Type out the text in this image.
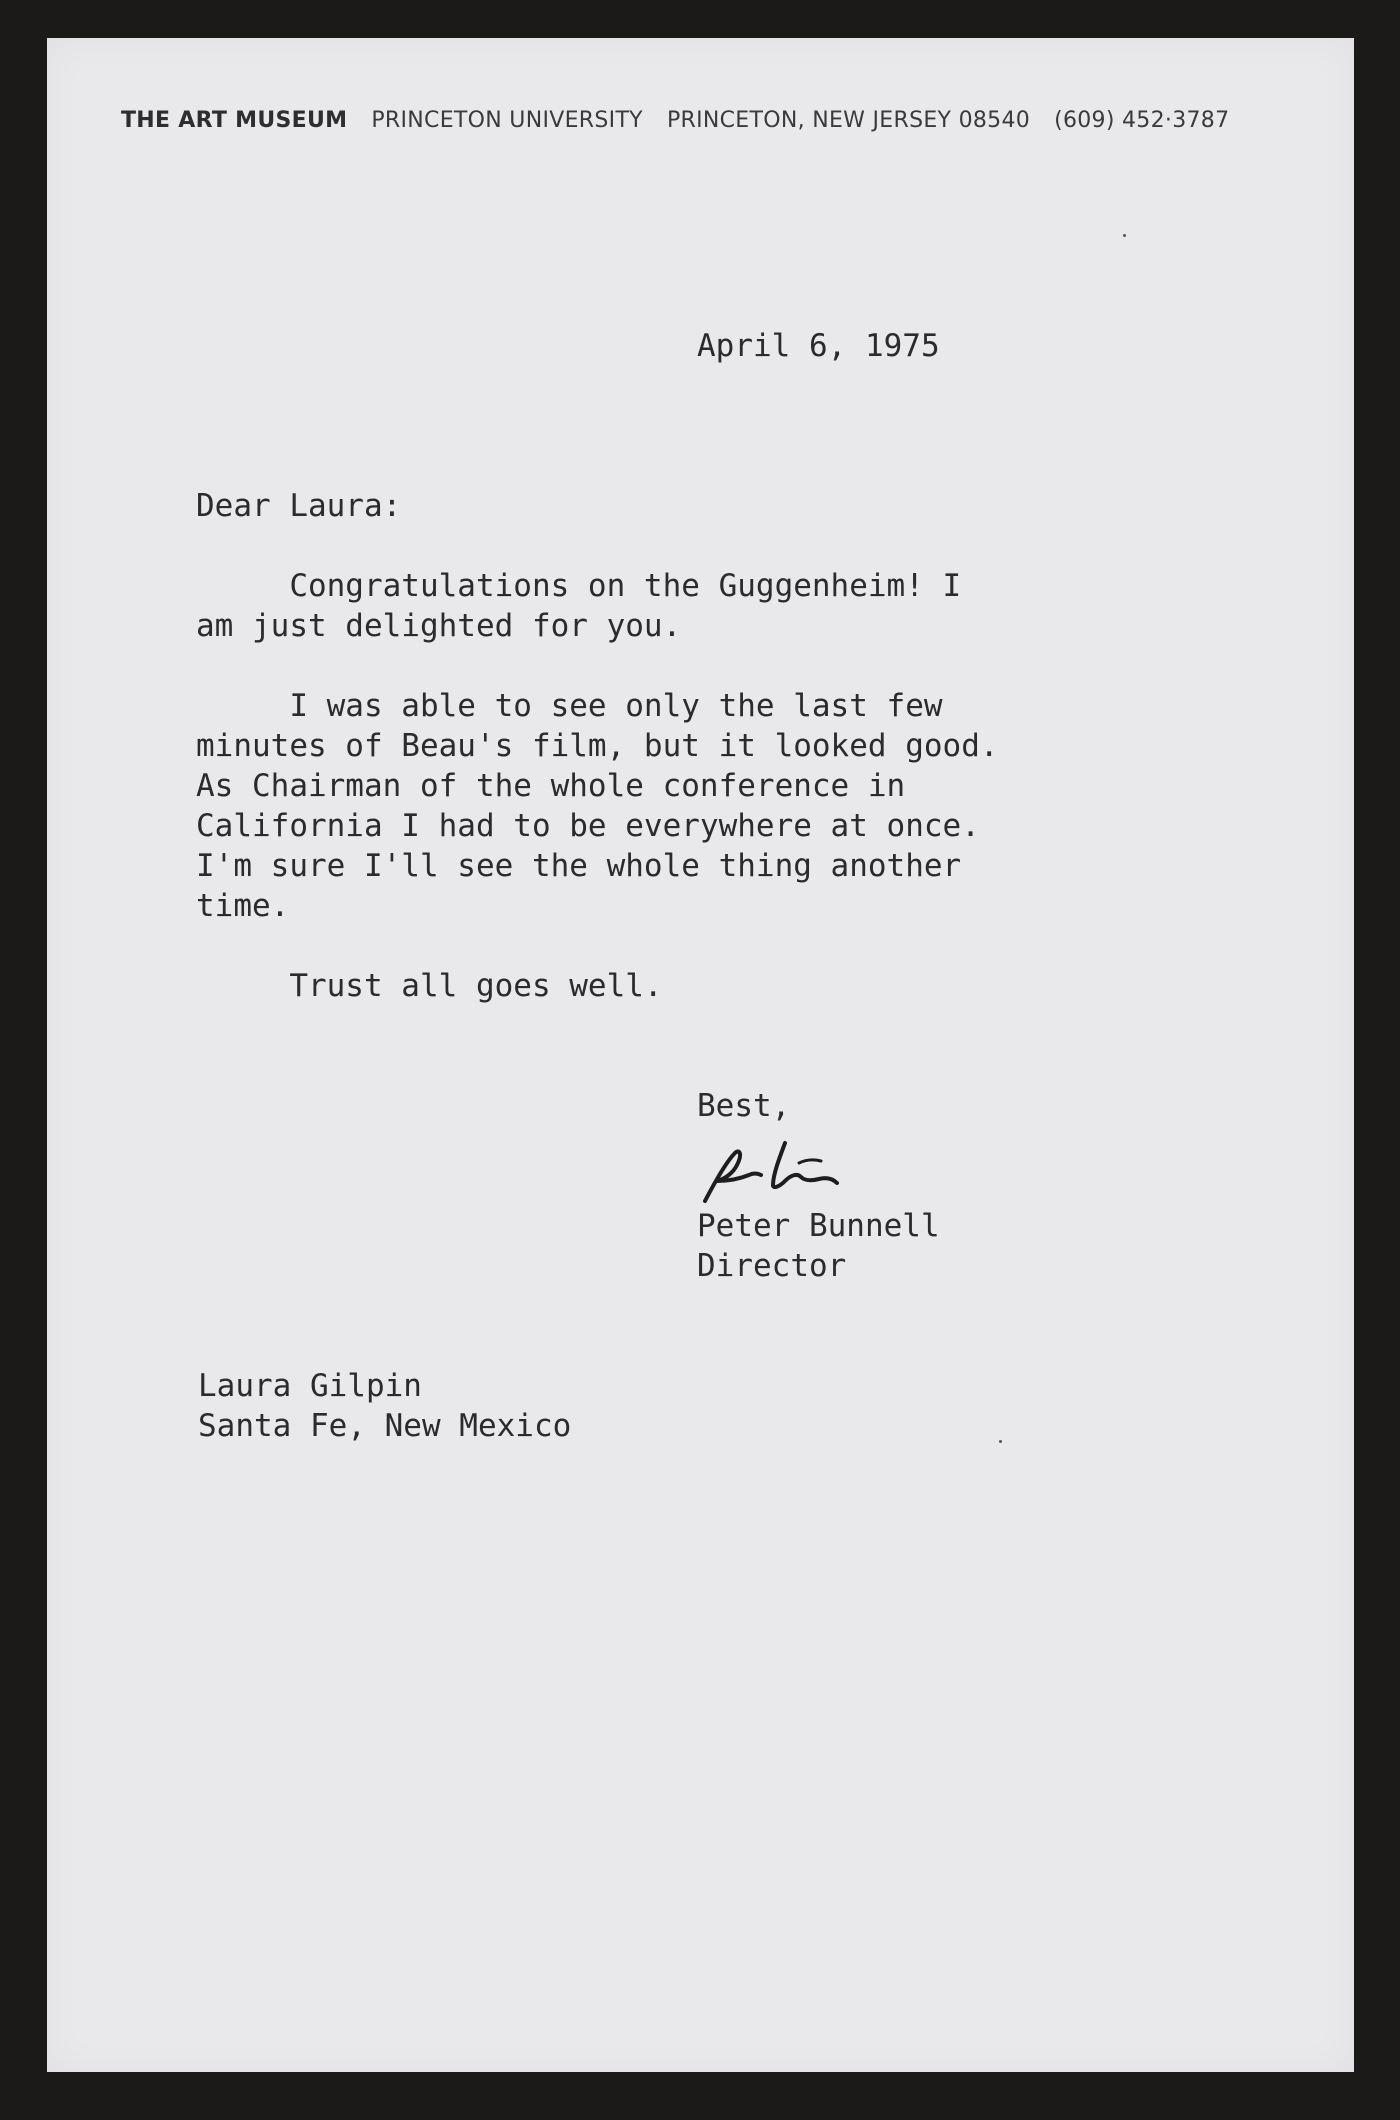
THE ART MUSEUM PRINCETON UNIVERSITY PRINCETON, NEW JERSEY 08540 (609) 452·3787

April 6, 1975

Dear Laura:

Congratulations on the Guggenheim! I
am just delighted for you.

I was able to see only the last few
minutes of Beau's film, but it looked good.
As Chairman of the whole conference in
California I had to be everywhere at once.
I'm sure I'll see the whole thing another
time.

Trust all goes well.

Best,

Peter Bunnell
Director

Laura Gilpin
Santa Fe, New Mexico
